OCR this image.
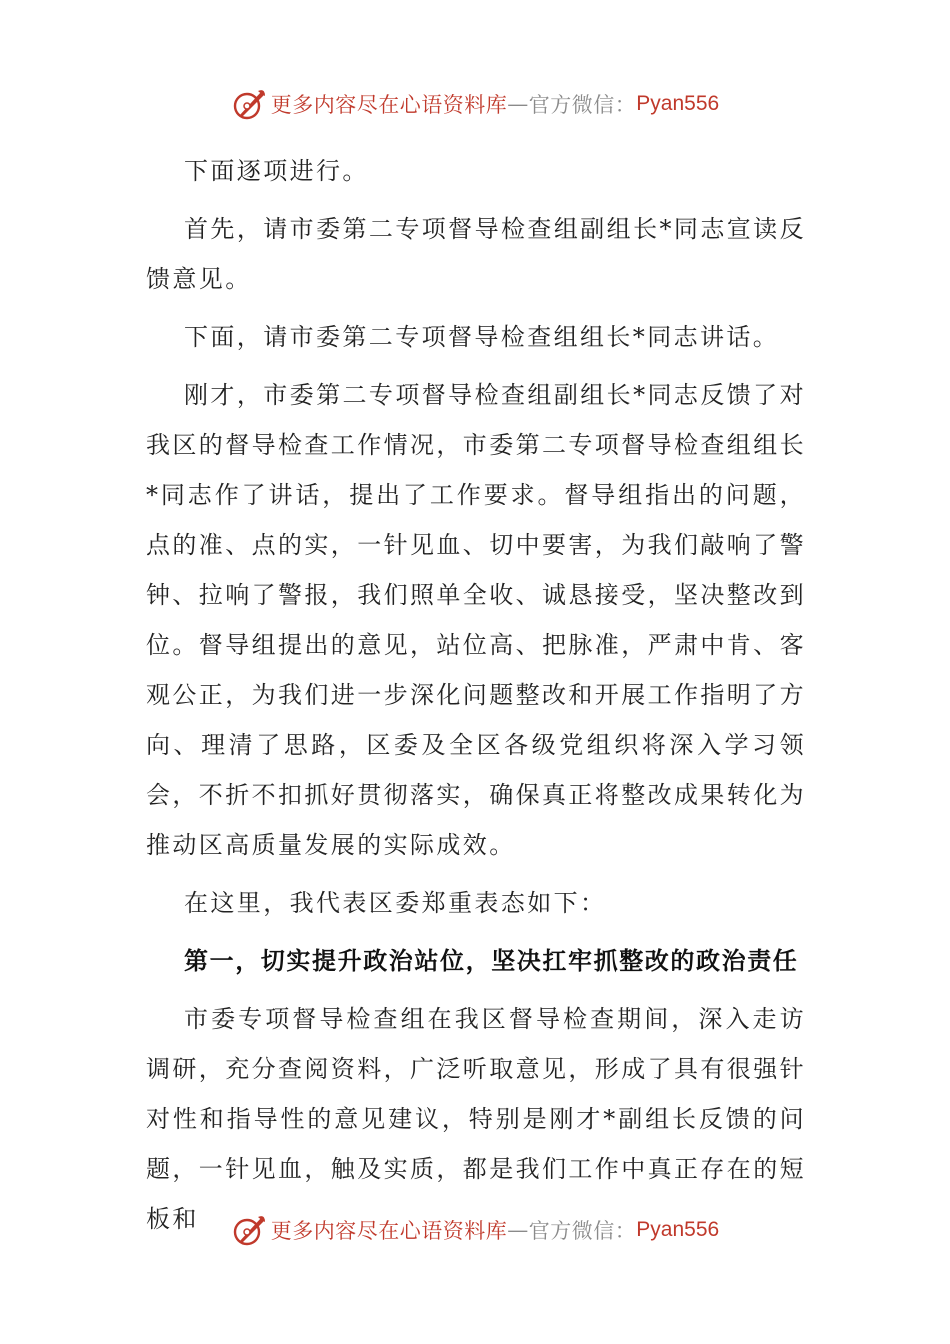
更多内容尽在心语资料库 — 官方微信： Pyan556

下面逐项进行。

首先，请市委第二专项督导检查组副组长*同志宣读反馈意见。

下面，请市委第二专项督导检查组组长*同志讲话。

刚才，市委第二专项督导检查组副组长*同志反馈了对我区的督导检查工作情况，市委第二专项督导检查组组长*同志作了讲话，提出了工作要求。督导组指出的问题，点的准、点的实，一针见血、切中要害，为我们敲响了警钟、拉响了警报，我们照单全收、诚恳接受，坚决整改到位。督导组提出的意见，站位高、把脉准，严肃中肯、客观公正，为我们进一步深化问题整改和开展工作指明了方向、理清了思路，区委及全区各级党组织将深入学习领会，不折不扣抓好贯彻落实，确保真正将整改成果转化为推动区高质量发展的实际成效。

在这里，我代表区委郑重表态如下：

第一，切实提升政治站位，坚决扛牢抓整改的政治责任

市委专项督导检查组在我区督导检查期间，深入走访调研，充分查阅资料，广泛听取意见，形成了具有很强针对性和指导性的意见建议，特别是刚才*副组长反馈的问题，一针见血，触及实质，都是我们工作中真正存在的短板和	更多内容尽在心语资料库 — 官方微信： Pyan556
